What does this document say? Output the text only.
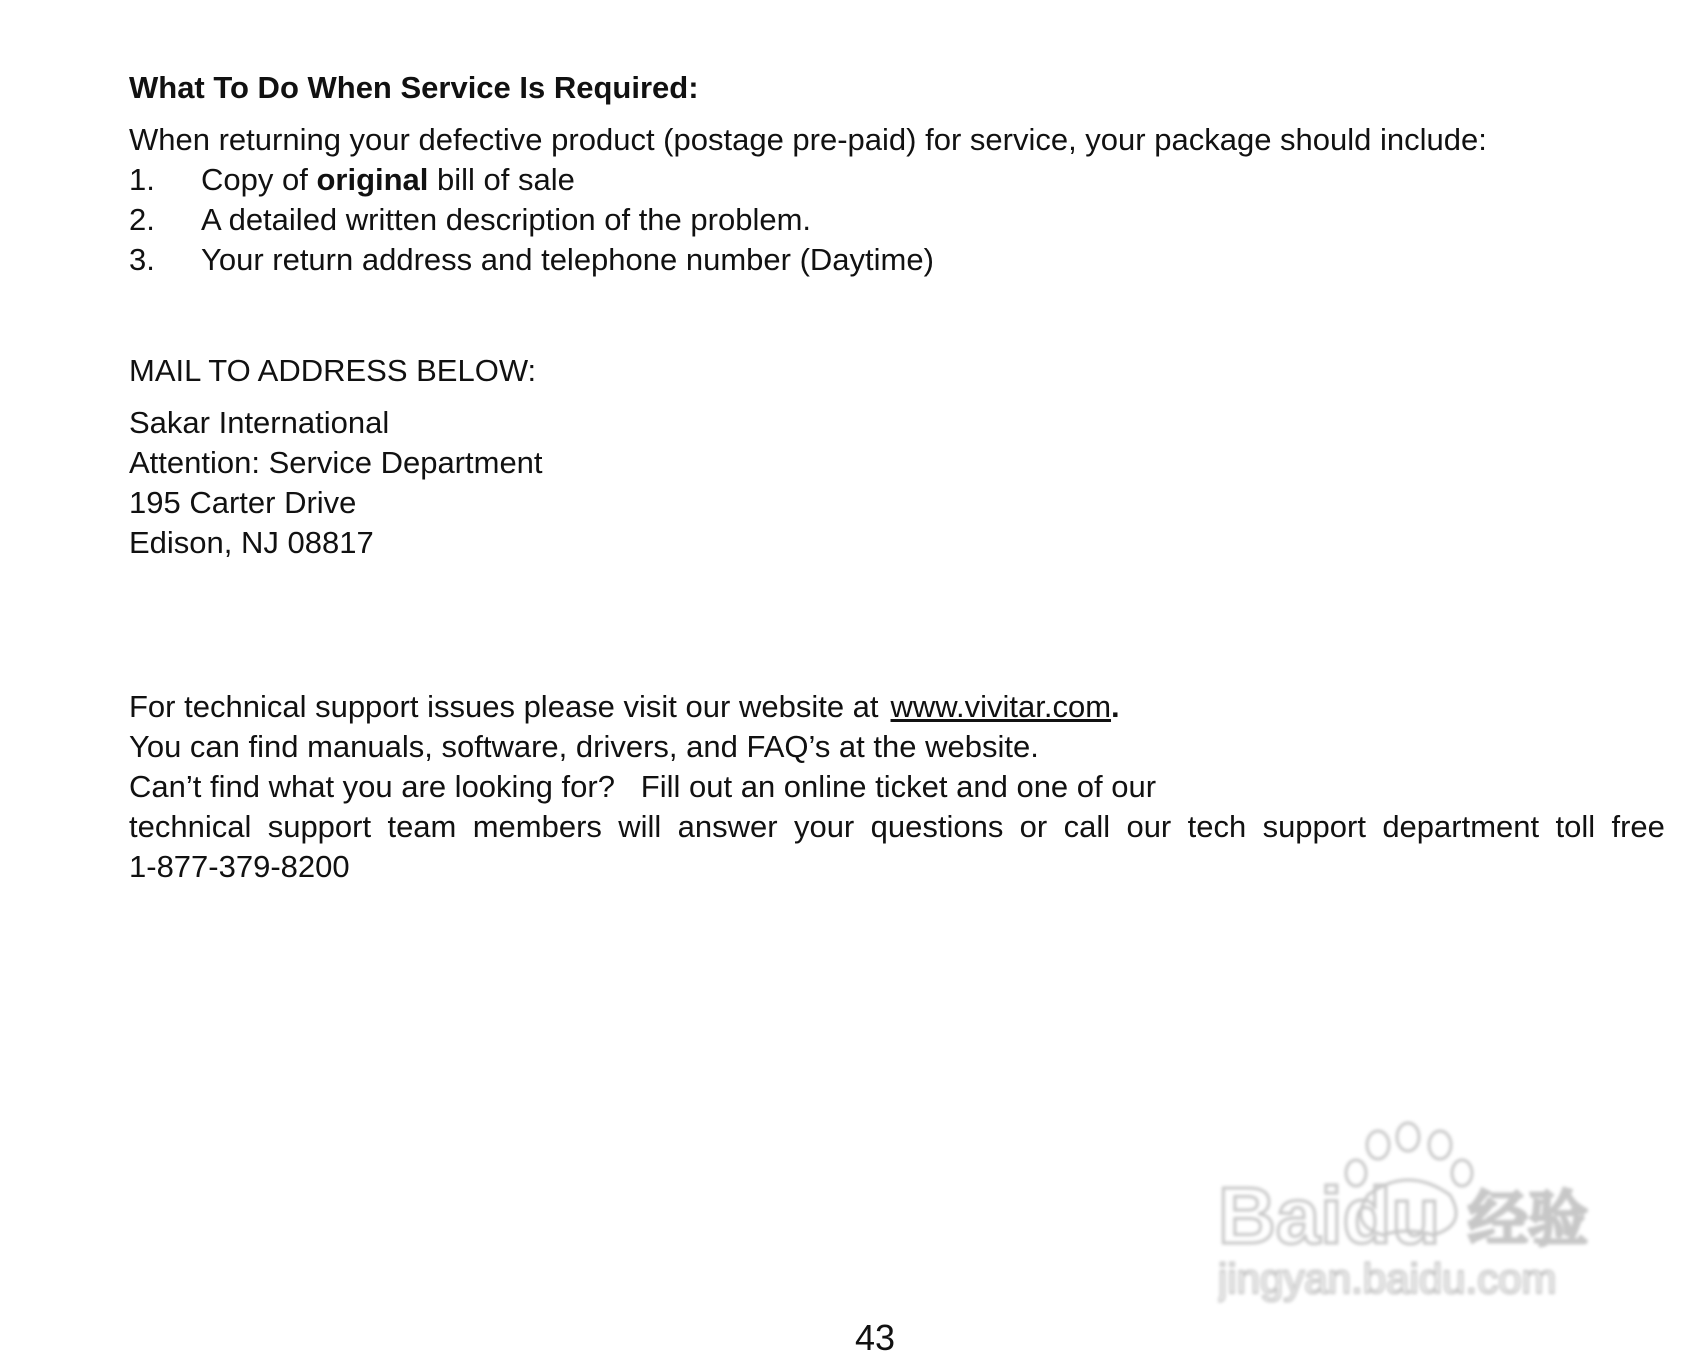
What To Do When Service Is Required:
When returning your defective product (postage pre-paid) for service, your package should include:
1.	Copy of original bill of sale
2.	A detailed written description of the problem.
3.	Your return address and telephone number (Daytime)
MAIL TO ADDRESS BELOW:
Sakar International
Attention: Service Department
195 Carter Drive
Edison, NJ 08817
For technical support issues please visit our website at www.vivitar.com.
You can find manuals, software, drivers, and FAQ’s at the website.
Can’t find what you are looking for?   Fill out an online ticket and one of our
technical support team members will answer your questions or call our tech support department toll free
1-877-379-8200
Baidu 经验
jingyan.baidu.com
43
